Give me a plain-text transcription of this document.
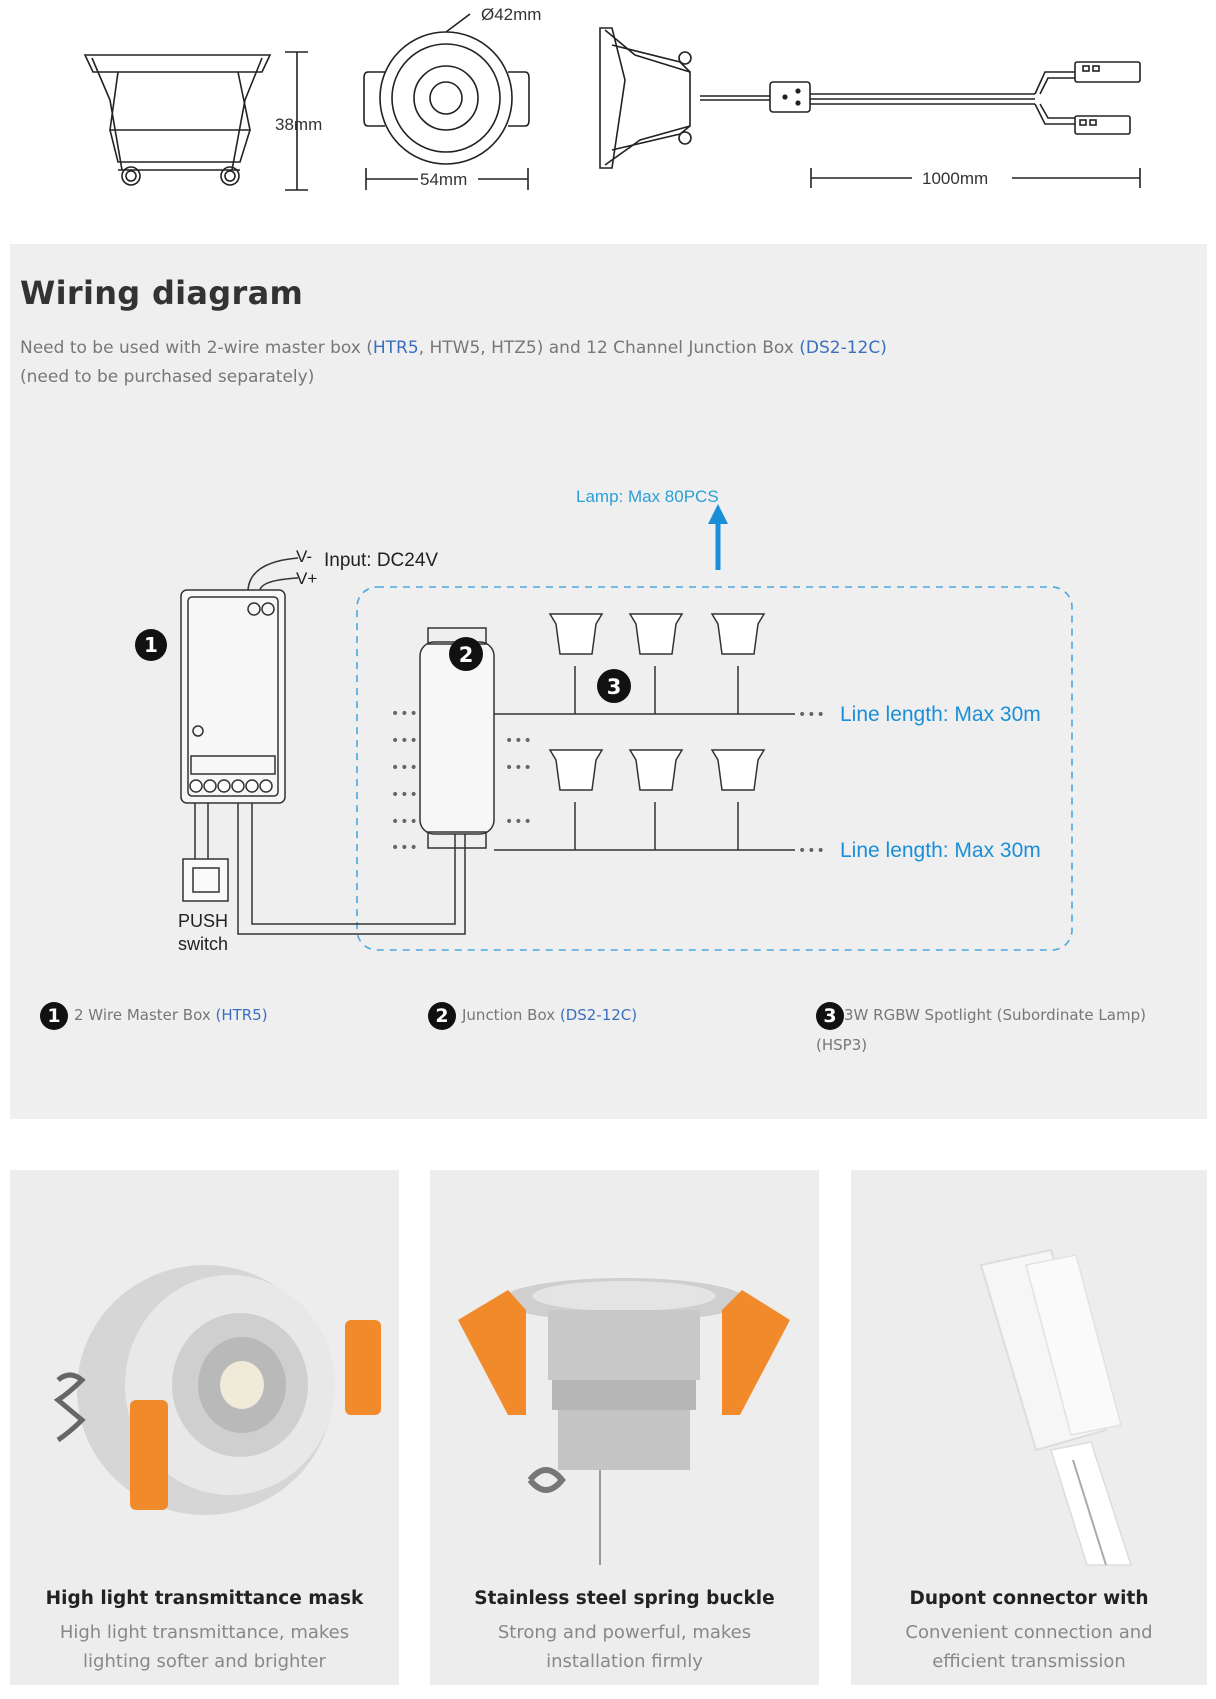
38mm
Ø42mm
54mm	1000mm
Wiring diagram
Need to be used with 2-wire master box (HTR5, HTW5, HTZ5) and 12 Channel Junction Box (DS2-12C)
(need to be purchased separately)
Lamp: Max 80PCS
V-
V+
Input: DC24V
PUSH
switch
•••
•••
•••
•••
•••
•••
•••
•••
•••
•••
•••
Line length: Max 30m
Line length: Max 30m
1	2
3
1 2 Wire Master Box (HTR5)	2 Junction Box (DS2-12C)	3 3W RGBW Spotlight (Subordinate Lamp)
(HSP3)
High light transmittance mask
High light transmittance, makes
lighting softer and brighter
Stainless steel spring buckle
Strong and powerful, makes
installation firmly
Dupont connector with
Convenient connection and
efficient transmission
